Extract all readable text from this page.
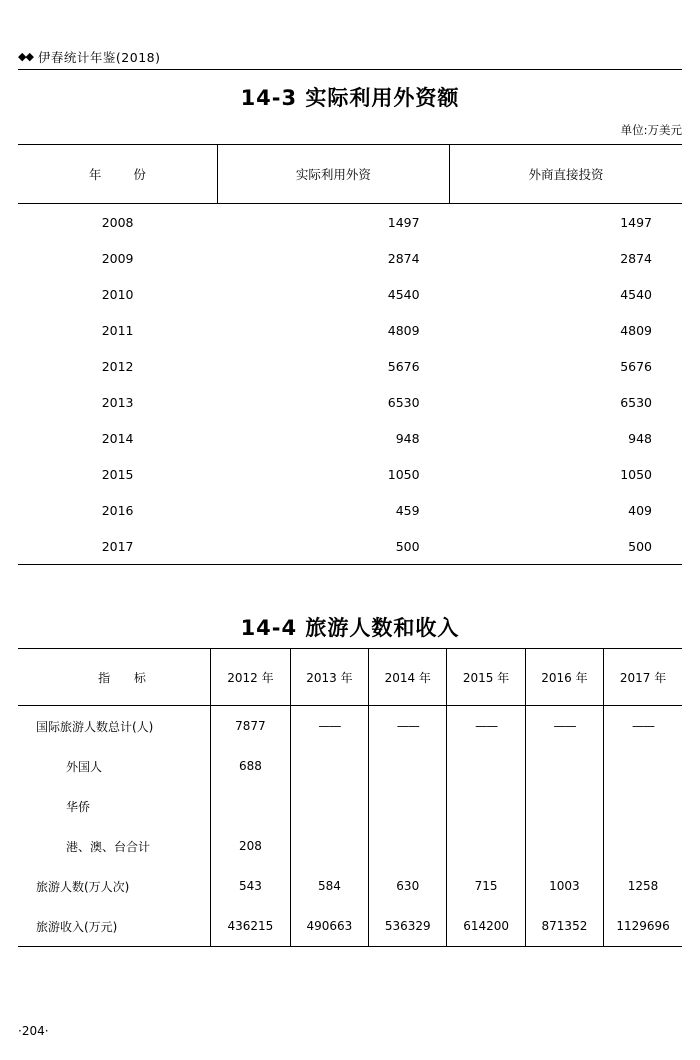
◆◆ 伊春统计年鉴(2018)
14-3 实际利用外资额
单位:万美元
年 份	实际利用外资	外商直接投资
2008	1497	1497
2009	2874	2874
2010	4540	4540
2011	4809	4809
2012	5676	5676
2013	6530	6530
2014	948	948
2015	1050	1050
2016	459	409
2017	500	500
14-4 旅游人数和收入
指 标	2012 年	2013 年	2014 年	2015 年	2016 年	2017 年
国际旅游人数总计(人)	7877	——	——	——	——	——
外国人	688					
华侨						
港、澳、台合计	208					
旅游人数(万人次)	543	584	630	715	1003	1258
旅游收入(万元)	436215	490663	536329	614200	871352	1129696
·204·
